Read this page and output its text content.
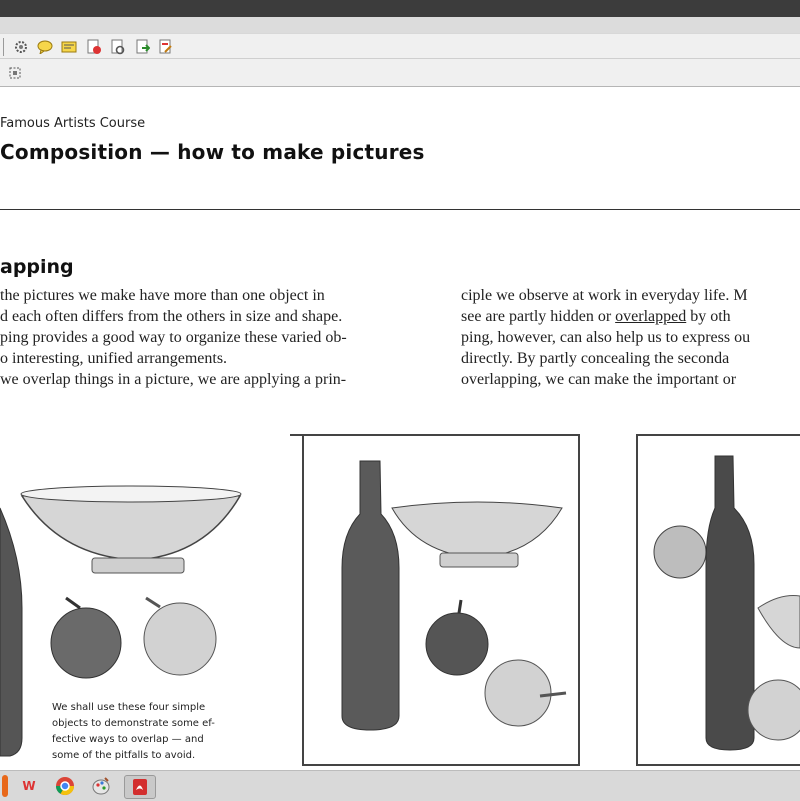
Famous Artists Course
Composition — how to make pictures
apping
the pictures we make have more than one object in
d each often differs from the others in size and shape.
ping provides a good way to organize these varied ob-
o interesting, unified arrangements.
we overlap things in a picture, we are applying a prin-
ciple we observe at work in everyday life. M
see are partly hidden or overlapped by oth
ping, however, can also help us to express ou
directly. By partly concealing the seconda
overlapping, we can make the important or
We shall use these four simple
objects to demonstrate some ef-
fective ways to overlap — and
some of the pitfalls to avoid.
W
